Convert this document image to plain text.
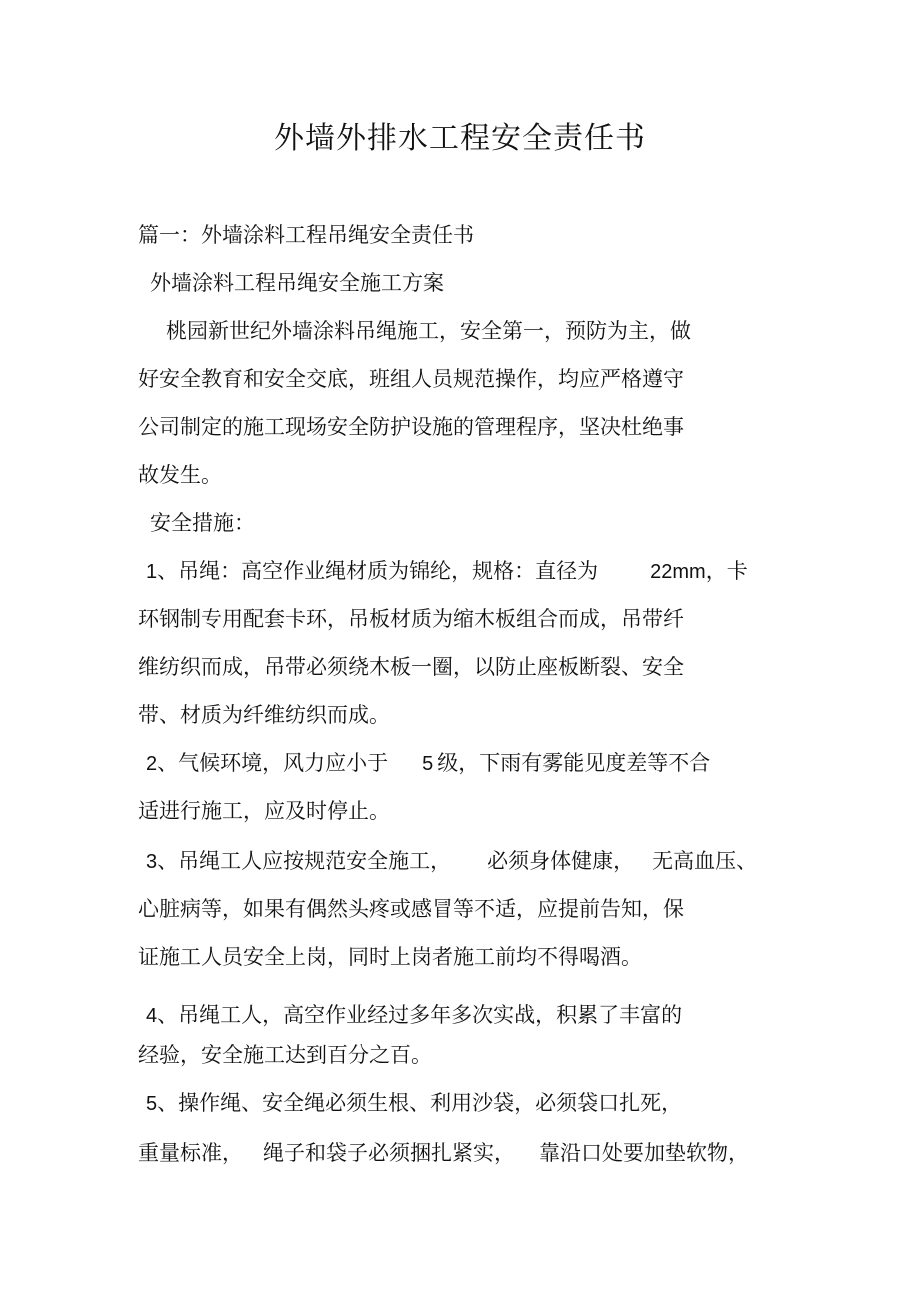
外墙外排水工程安全责任书
篇一：外墙涂料工程吊绳安全责任书
外墙涂料工程吊绳安全施工方案
桃园新世纪外墙涂料吊绳施工，安全第一，预防为主，做
好安全教育和安全交底，班组人员规范操作，均应严格遵守
公司制定的施工现场安全防护设施的管理程序，坚决杜绝事
故发生。
安全措施：
1、吊绳：高空作业绳材质为锦纶，规格：直径为	22mm，卡
环钢制专用配套卡环，吊板材质为缩木板组合而成，吊带纤
维纺织而成，吊带必须绕木板一圈，以防止座板断裂、安全
带、材质为纤维纺织而成。
2、气候环境，风力应小于 5 级，下雨有雾能见度差等不合
适进行施工，应及时停止。
3、吊绳工人应按规范安全施工， 必须身体健康， 无高血压、
心脏病等，如果有偶然头疼或感冒等不适，应提前告知，保
证施工人员安全上岗，同时上岗者施工前均不得喝酒。
4、吊绳工人，高空作业经过多年多次实战，积累了丰富的
经验，安全施工达到百分之百。
5、操作绳、安全绳必须生根、利用沙袋，必须袋口扎死，
重量标准， 绳子和袋子必须捆扎紧实， 靠沿口处要加垫软物，
